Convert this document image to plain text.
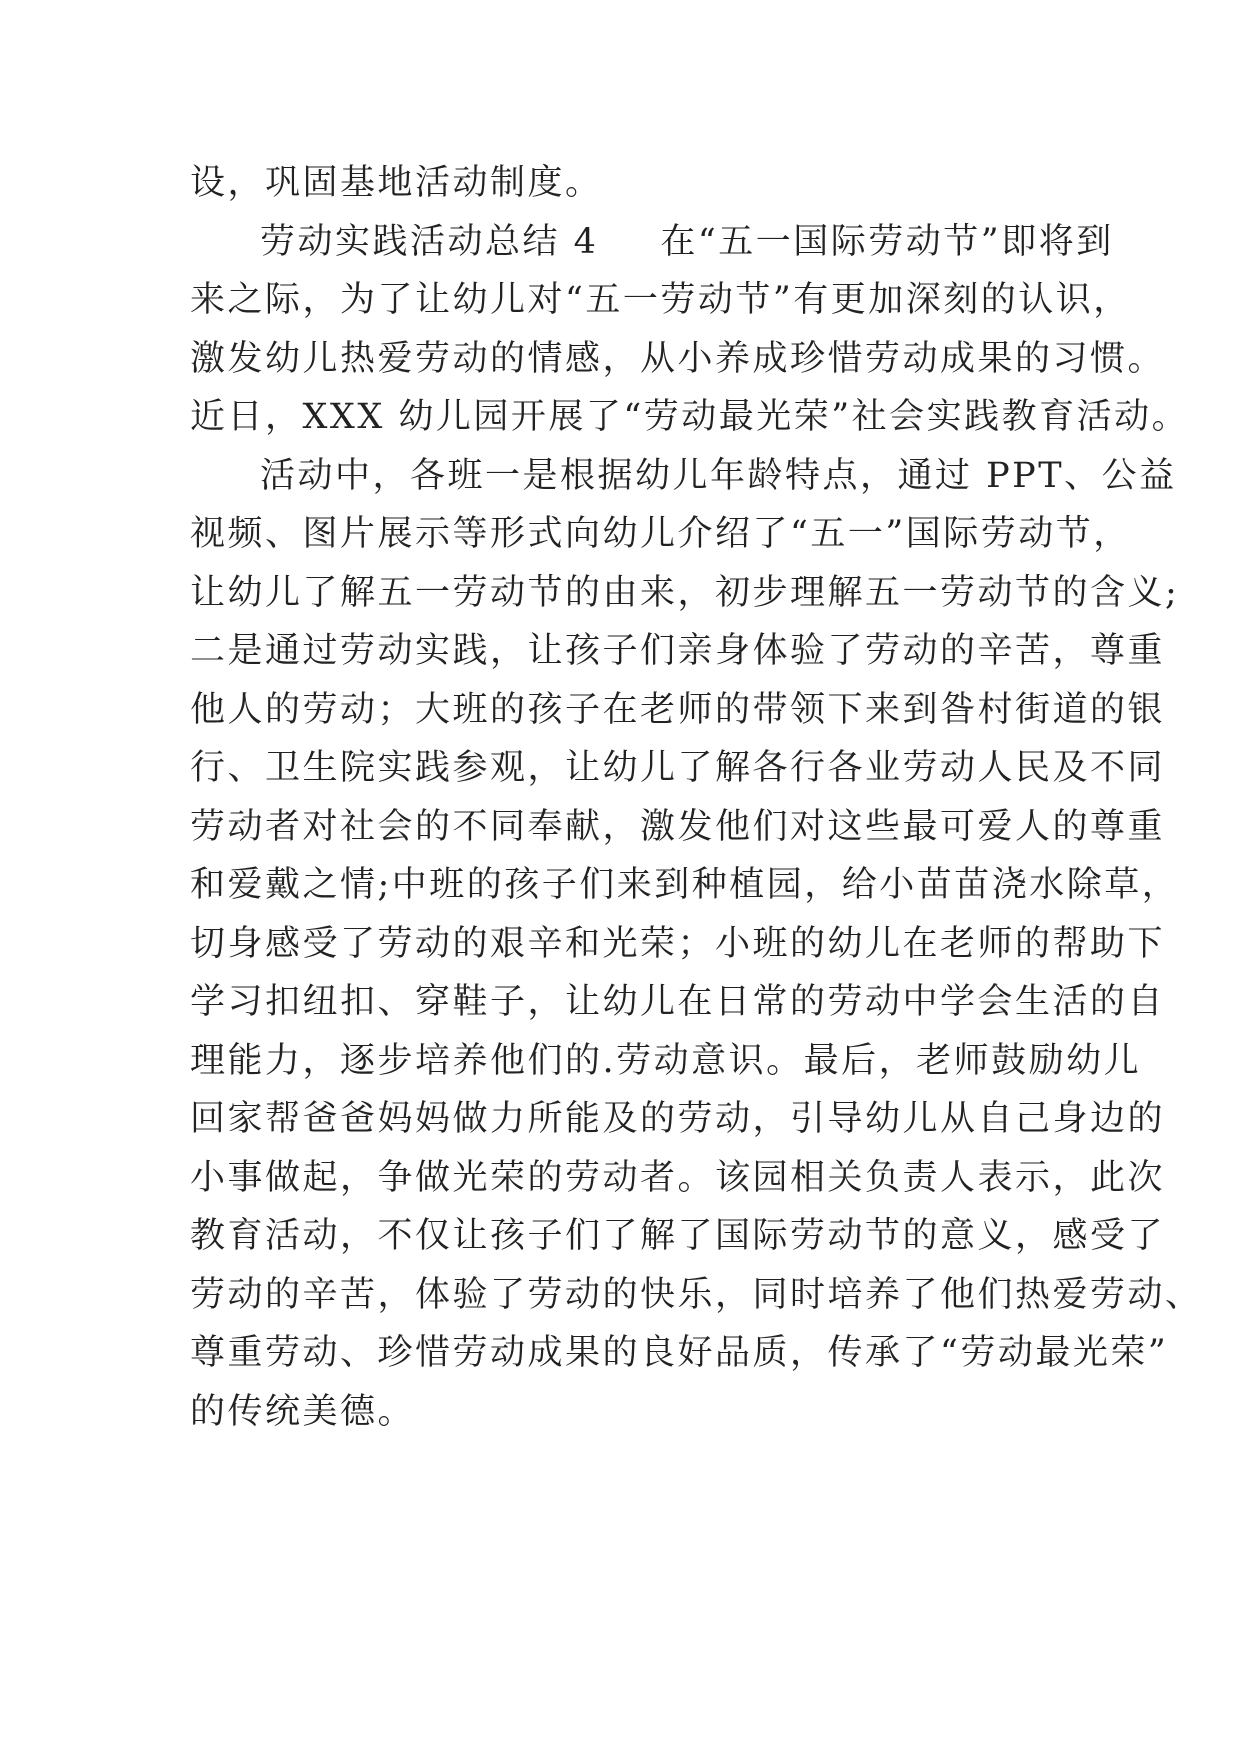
设，巩固基地活动制度。
劳动实践活动总结 4 在“五一国际劳动节”即将到
来之际，为了让幼儿对“五一劳动节”有更加深刻的认识，
激发幼儿热爱劳动的情感，从小养成珍惜劳动成果的习惯。
近日，XXX 幼儿园开展了“劳动最光荣”社会实践教育活动。
活动中，各班一是根据幼儿年龄特点，通过 PPT、公益
视频、图片展示等形式向幼儿介绍了“五一”国际劳动节，
让幼儿了解五一劳动节的由来，初步理解五一劳动节的含义;
二是通过劳动实践，让孩子们亲身体验了劳动的辛苦，尊重
他人的劳动；大班的孩子在老师的带领下来到昝村街道的银
行、卫生院实践参观，让幼儿了解各行各业劳动人民及不同
劳动者对社会的不同奉献，激发他们对这些最可爱人的尊重
和爱戴之情;中班的孩子们来到种植园，给小苗苗浇水除草，
切身感受了劳动的艰辛和光荣；小班的幼儿在老师的帮助下
学习扣纽扣、穿鞋子，让幼儿在日常的劳动中学会生活的自
理能力，逐步培养他们的.劳动意识。最后，老师鼓励幼儿
回家帮爸爸妈妈做力所能及的劳动，引导幼儿从自己身边的
小事做起，争做光荣的劳动者。该园相关负责人表示，此次
教育活动，不仅让孩子们了解了国际劳动节的意义，感受了
劳动的辛苦，体验了劳动的快乐，同时培养了他们热爱劳动、
尊重劳动、珍惜劳动成果的良好品质，传承了“劳动最光荣”
的传统美德。
